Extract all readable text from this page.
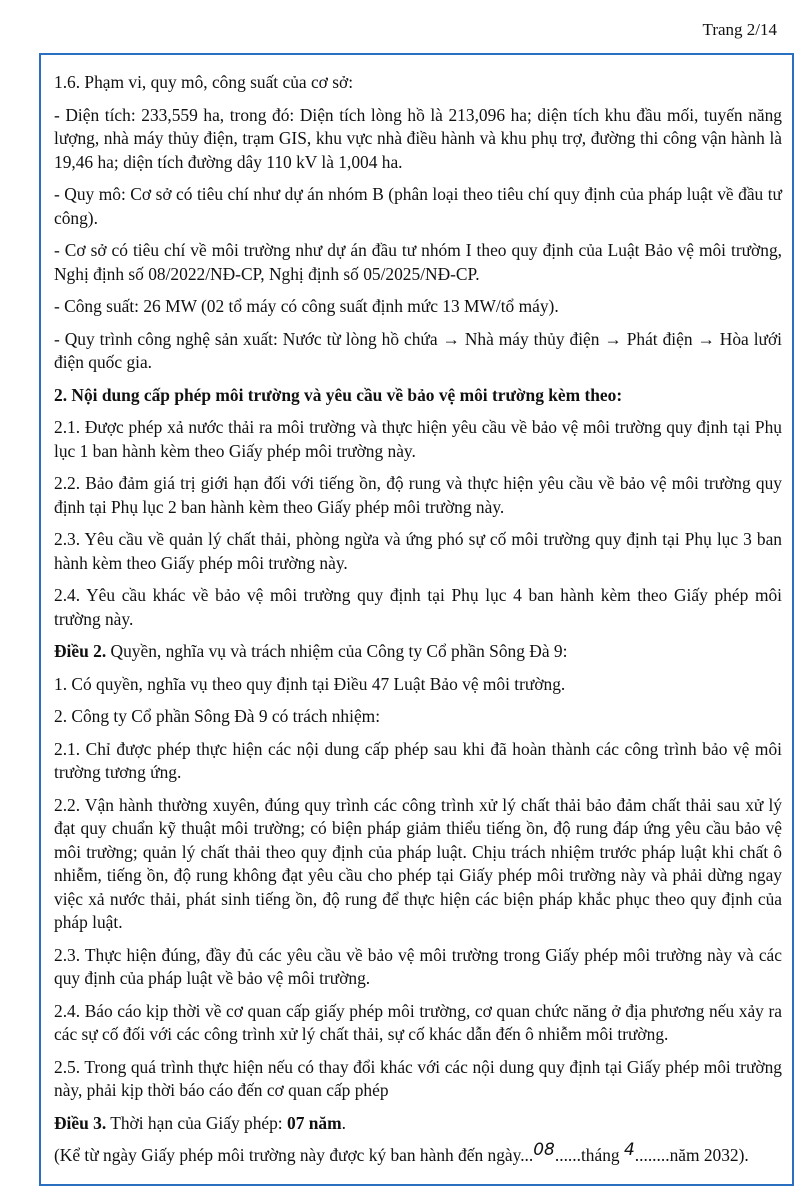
Trang 2/14

1.6. Phạm vi, quy mô, công suất của cơ sở:

- Diện tích: 233,559 ha, trong đó: Diện tích lòng hồ là 213,096 ha; diện tích khu đầu mối, tuyến năng lượng, nhà máy thủy điện, trạm GIS, khu vực nhà điều hành và khu phụ trợ, đường thi công vận hành là 19,46 ha; diện tích đường dây 110 kV là 1,004 ha.

- Quy mô: Cơ sở có tiêu chí như dự án nhóm B (phân loại theo tiêu chí quy định của pháp luật về đầu tư công).

- Cơ sở có tiêu chí về môi trường như dự án đầu tư nhóm I theo quy định của Luật Bảo vệ môi trường, Nghị định số 08/2022/NĐ-CP, Nghị định số 05/2025/NĐ-CP.

- Công suất: 26 MW (02 tổ máy có công suất định mức 13 MW/tổ máy).

- Quy trình công nghệ sản xuất: Nước từ lòng hồ chứa → Nhà máy thủy điện → Phát điện → Hòa lưới điện quốc gia.

2. Nội dung cấp phép môi trường và yêu cầu về bảo vệ môi trường kèm theo:

2.1. Được phép xả nước thải ra môi trường và thực hiện yêu cầu về bảo vệ môi trường quy định tại Phụ lục 1 ban hành kèm theo Giấy phép môi trường này.

2.2. Bảo đảm giá trị giới hạn đối với tiếng ồn, độ rung và thực hiện yêu cầu về bảo vệ môi trường quy định tại Phụ lục 2 ban hành kèm theo Giấy phép môi trường này.

2.3. Yêu cầu về quản lý chất thải, phòng ngừa và ứng phó sự cố môi trường quy định tại Phụ lục 3 ban hành kèm theo Giấy phép môi trường này.

2.4. Yêu cầu khác về bảo vệ môi trường quy định tại Phụ lục 4 ban hành kèm theo Giấy phép môi trường này.

Điều 2. Quyền, nghĩa vụ và trách nhiệm của Công ty Cổ phần Sông Đà 9:

1. Có quyền, nghĩa vụ theo quy định tại Điều 47 Luật Bảo vệ môi trường.

2. Công ty Cổ phần Sông Đà 9 có trách nhiệm:

2.1. Chỉ được phép thực hiện các nội dung cấp phép sau khi đã hoàn thành các công trình bảo vệ môi trường tương ứng.

2.2. Vận hành thường xuyên, đúng quy trình các công trình xử lý chất thải bảo đảm chất thải sau xử lý đạt quy chuẩn kỹ thuật môi trường; có biện pháp giảm thiểu tiếng ồn, độ rung đáp ứng yêu cầu bảo vệ môi trường; quản lý chất thải theo quy định của pháp luật. Chịu trách nhiệm trước pháp luật khi chất ô nhiễm, tiếng ồn, độ rung không đạt yêu cầu cho phép tại Giấy phép môi trường này và phải dừng ngay việc xả nước thải, phát sinh tiếng ồn, độ rung để thực hiện các biện pháp khắc phục theo quy định của pháp luật.

2.3. Thực hiện đúng, đầy đủ các yêu cầu về bảo vệ môi trường trong Giấy phép môi trường này và các quy định của pháp luật về bảo vệ môi trường.

2.4. Báo cáo kịp thời về cơ quan cấp giấy phép môi trường, cơ quan chức năng ở địa phương nếu xảy ra các sự cố đối với các công trình xử lý chất thải, sự cố khác dẫn đến ô nhiễm môi trường.

2.5. Trong quá trình thực hiện nếu có thay đổi khác với các nội dung quy định tại Giấy phép môi trường này, phải kịp thời báo cáo đến cơ quan cấp phép

Điều 3. Thời hạn của Giấy phép: 07 năm.

(Kể từ ngày Giấy phép môi trường này được ký ban hành đến ngày...08......tháng 4........năm 2032).
